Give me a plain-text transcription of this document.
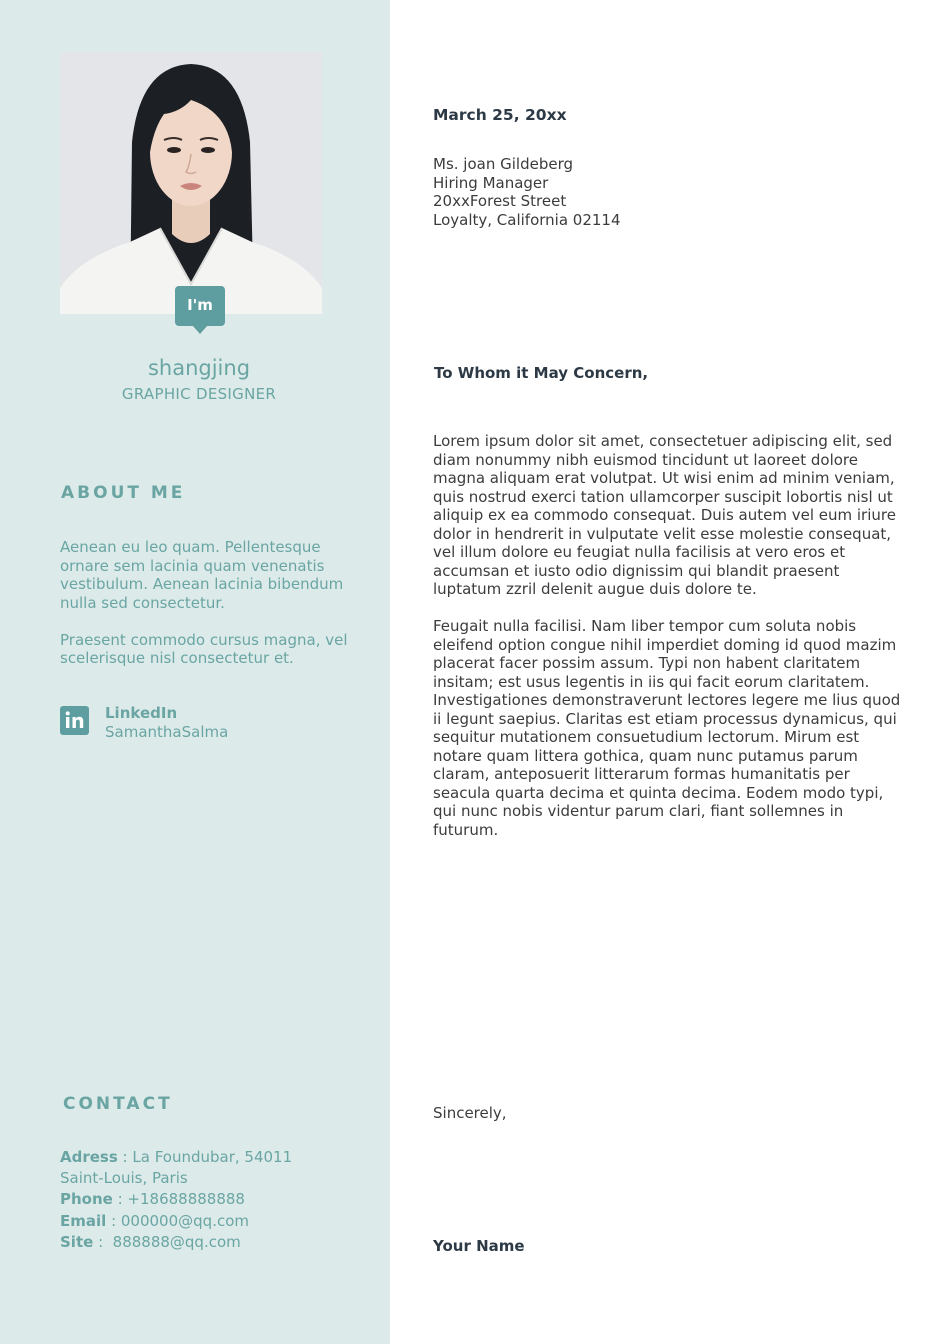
I'm
shangjing
GRAPHIC DESIGNER
ABOUT ME

Aenean eu leo quam. Pellentesque ornare sem lacinia quam venenatis vestibulum. Aenean lacinia bibendum nulla sed consectetur.

Praesent commodo cursus magna, vel scelerisque nisl consectetur et.

LinkedIn
SamanthaSalma
CONTACT
Adress : La Foundubar, 54011
Saint-Louis, Paris
Phone : +18688888888
Email : 000000@qq.com
Site :  888888@qq.com
March 25, 20xx
Ms. joan Gildeberg
Hiring Manager
20xxForest Street
Loyalty, California 02114
To Whom it May Concern,

Lorem ipsum dolor sit amet, consectetuer adipiscing elit, sed diam nonummy nibh euismod tincidunt ut laoreet dolore magna aliquam erat volutpat. Ut wisi enim ad minim veniam, quis nostrud exerci tation ullamcorper suscipit lobortis nisl ut aliquip ex ea commodo consequat. Duis autem vel eum iriure dolor in hendrerit in vulputate velit esse molestie consequat, vel illum dolore eu feugiat nulla facilisis at vero eros et accumsan et iusto odio dignissim qui blandit praesent luptatum zzril delenit augue duis dolore te.

Feugait nulla facilisi. Nam liber tempor cum soluta nobis eleifend option congue nihil imperdiet doming id quod mazim placerat facer possim assum. Typi non habent claritatem insitam; est usus legentis in iis qui facit eorum claritatem. Investigationes demonstraverunt lectores legere me lius quod ii legunt saepius. Claritas est etiam processus dynamicus, qui sequitur mutationem consuetudium lectorum. Mirum est notare quam littera gothica, quam nunc putamus parum claram, anteposuerit litterarum formas humanitatis per seacula quarta decima et quinta decima. Eodem modo typi, qui nunc nobis videntur parum clari, fiant sollemnes in futurum.

Sincerely,
Your Name
